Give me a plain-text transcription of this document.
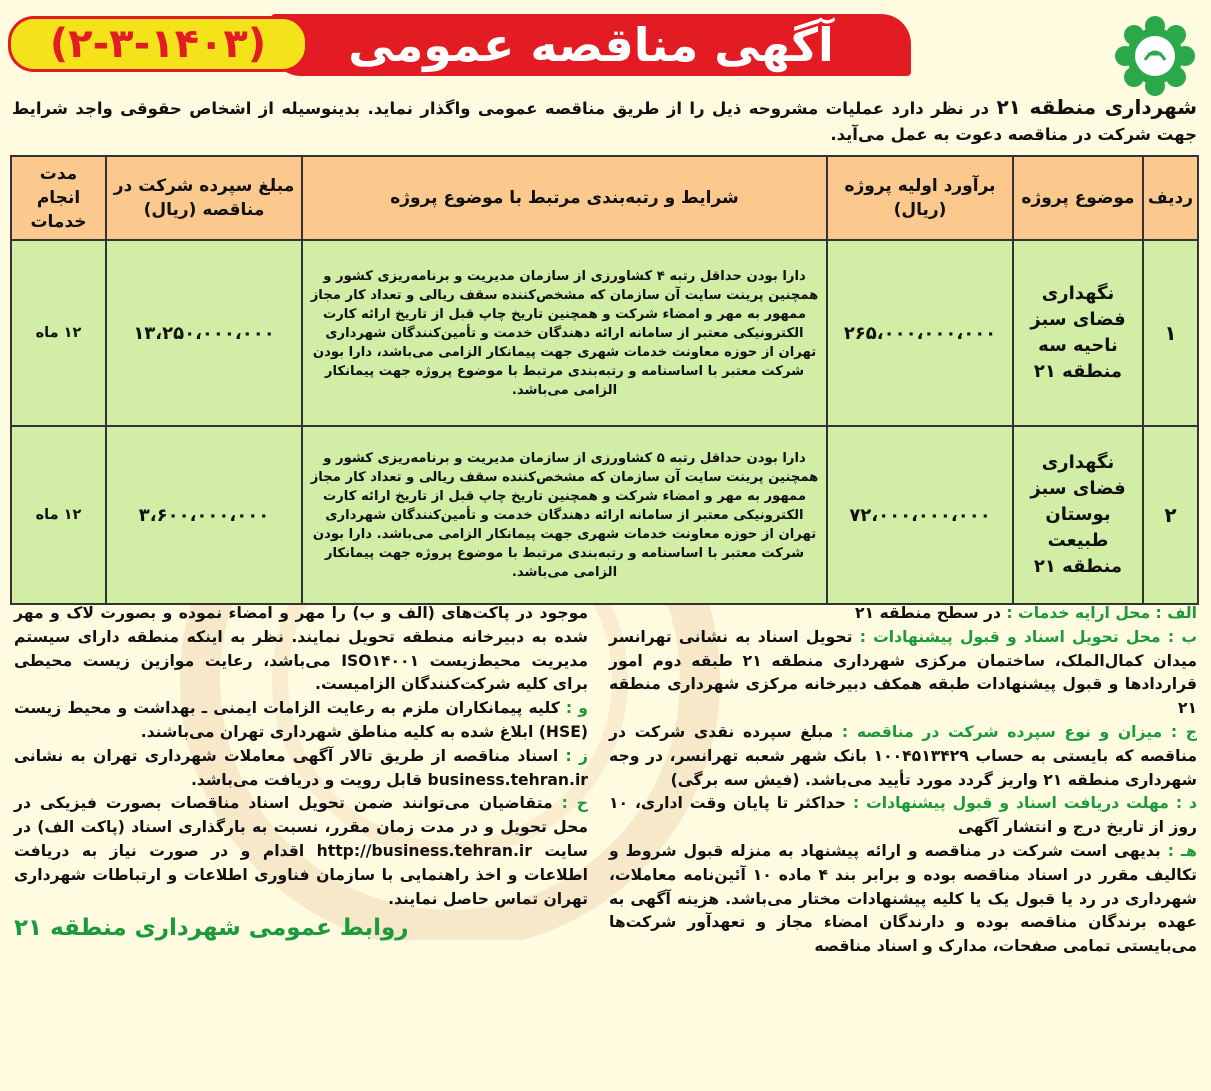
آگهی مناقصه عمومی
(۲-۳-۱۴۰۳)
شهرداری منطقه ۲۱ در نظر دارد عملیات مشروحه ذیل را از طریق مناقصه عمومی واگذار نماید. بدینوسیله از اشخاص حقوقی واجد شرایط جهت شرکت در مناقصه دعوت به عمل می‌آید.
ردیف	موضوع پروژه	برآورد اولیه پروژه (ریال)	شرایط و رتبه‌بندی مرتبط با موضوع پروژه	مبلغ سپرده شرکت در مناقصه (ریال)	مدت انجام خدمات
۱	نگهداری فضای سبز ناحیه سه منطقه ۲۱	۲۶۵،۰۰۰،۰۰۰،۰۰۰	دارا بودن حداقل رتبه ۴ کشاورزی از سازمان مدیریت و برنامه‌ریزی کشور و همچنین پرینت سایت آن سازمان که مشخص‌کننده سقف ریالی و تعداد کار مجاز ممهور به مهر و امضاء شرکت و همچنین تاریخ چاپ قبل از تاریخ ارائه کارت الکترونیکی معتبر از سامانه ارائه دهندگان خدمت و تأمین‌کنندگان شهرداری تهران از حوزه معاونت خدمات شهری جهت پیمانکار الزامی می‌باشد، دارا بودن شرکت معتبر با اساسنامه و رتبه‌بندی مرتبط با موضوع پروژه جهت پیمانکار الزامی می‌باشد.	۱۳،۲۵۰،۰۰۰،۰۰۰	۱۲ ماه
۲	نگهداری فضای سبز بوستان طبیعت منطقه ۲۱	۷۲،۰۰۰،۰۰۰،۰۰۰	دارا بودن حداقل رتبه ۵ کشاورزی از سازمان مدیریت و برنامه‌ریزی کشور و همچنین پرینت سایت آن سازمان که مشخص‌کننده سقف ریالی و تعداد کار مجاز ممهور به مهر و امضاء شرکت و همچنین تاریخ چاپ قبل از تاریخ ارائه کارت الکترونیکی معتبر از سامانه ارائه دهندگان خدمت و تأمین‌کنندگان شهرداری تهران از حوزه معاونت خدمات شهری جهت پیمانکار الزامی می‌باشد. دارا بودن شرکت معتبر با اساسنامه و رتبه‌بندی مرتبط با موضوع پروژه جهت پیمانکار الزامی می‌باشد.	۳،۶۰۰،۰۰۰،۰۰۰	۱۲ ماه

الف : محل ارایه خدمات : در سطح منطقه ۲۱

ب : محل تحویل اسناد و قبول پیشنهادات : تحویل اسناد به نشانی تهرانسر میدان کمال‌الملک، ساختمان مرکزی شهرداری منطقه ۲۱ طبقه دوم امور قراردادها و قبول پیشنهادات طبقه همکف دبیرخانه مرکزی شهرداری منطقه ۲۱

ج : میزان و نوع سپرده شرکت در مناقصه : مبلغ سپرده نقدی شرکت در مناقصه که بایستی به حساب ۱۰۰۴۵۱۳۴۲۹ بانک شهر شعبه تهرانسر، در وجه شهرداری منطقه ۲۱ واریز گردد مورد تأیید می‌باشد. (فیش سه برگی)

د : مهلت دریافت اسناد و قبول پیشنهادات : حداکثر تا پایان وقت اداری، ۱۰ روز از تاریخ درج و انتشار آگهی

هـ : بدیهی است شرکت در مناقصه و ارائه پیشنهاد به منزله قبول شروط و تکالیف مقرر در اسناد مناقصه بوده و برابر بند ۴ ماده ۱۰ آئین‌نامه معاملات، شهرداری در رد یا قبول یک یا کلیه پیشنهادات مختار می‌باشد. هزینه آگهی به عهده برندگان مناقصه بوده و دارندگان امضاء مجاز و تعهدآور شرکت‌ها می‌بایستی تمامی صفحات، مدارک و اسناد مناقصه

موجود در پاکت‌های (الف و ب) را مهر و امضاء نموده و بصورت لاک و مهر شده به دبیرخانه منطقه تحویل نمایند. نظر به اینکه منطقه دارای سیستم مدیریت محیط‌زیست ISO۱۴۰۰۱ می‌باشد، رعایت موازین زیست محیطی برای کلیه شرکت‌کنندگان الزامیست.

و : کلیه پیمانکاران ملزم به رعایت الزامات ایمنی ـ بهداشت و محیط زیست (HSE) ابلاغ شده به کلیه مناطق شهرداری تهران می‌باشند.

ز : اسناد مناقصه از طریق تالار آگهی معاملات شهرداری تهران به نشانی business.tehran.ir قابل رویت و دریافت می‌باشد.

ح : متقاضیان می‌توانند ضمن تحویل اسناد مناقصات بصورت فیزیکی در محل تحویل و در مدت زمان مقرر، نسبت به بارگذاری اسناد (پاکت الف) در سایت http://business.tehran.ir اقدام و در صورت نیاز به دریافت اطلاعات و اخذ راهنمایی با سازمان فناوری اطلاعات و ارتباطات شهرداری تهران تماس حاصل نمایند.

روابط عمومی شهرداری منطقه ۲۱
